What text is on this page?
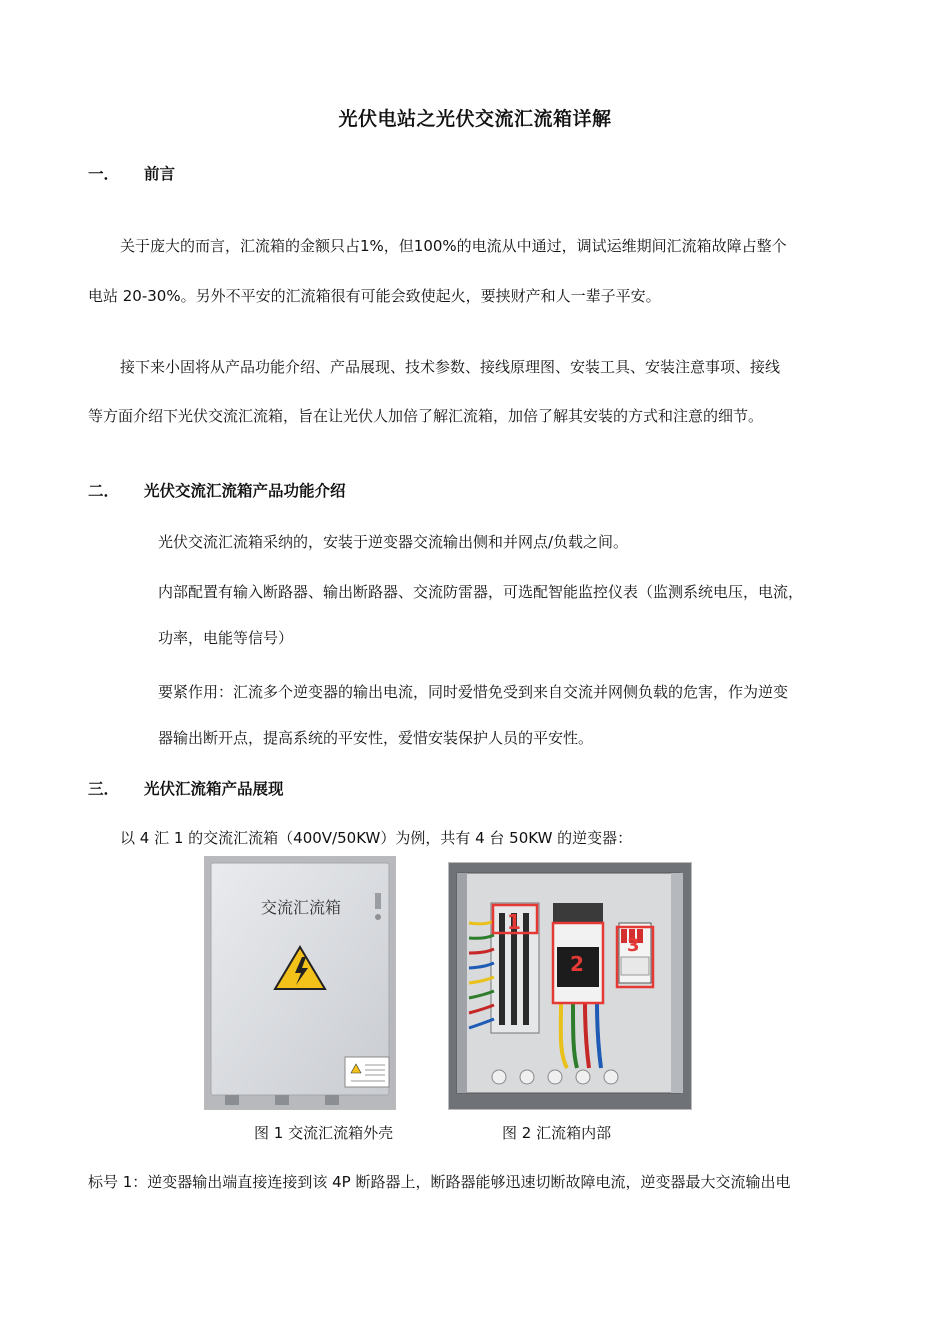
光伏电站之光伏交流汇流箱详解
一． 前言
关于庞大的而言，汇流箱的金额只占1%，但100%的电流从中通过，调试运维期间汇流箱故障占整个
电站 20-30%。另外不平安的汇流箱很有可能会致使起火，要挟财产和人一辈子平安。
接下来小固将从产品功能介绍、产品展现、技术参数、接线原理图、安装工具、安装注意事项、接线
等方面介绍下光伏交流汇流箱，旨在让光伏人加倍了解汇流箱，加倍了解其安装的方式和注意的细节。
二． 光伏交流汇流箱产品功能介绍
光伏交流汇流箱采纳的，安装于逆变器交流输出侧和并网点/负载之间。
内部配置有输入断路器、输出断路器、交流防雷器，可选配智能监控仪表（监测系统电压，电流，
功率，电能等信号）
要紧作用：汇流多个逆变器的输出电流，同时爱惜免受到来自交流并网侧负载的危害，作为逆变
器输出断开点，提高系统的平安性，爱惜安装保护人员的平安性。
三． 光伏汇流箱产品展现
以 4 汇 1 的交流汇流箱（400V/50KW）为例，共有 4 台 50KW 的逆变器：
交流汇流箱
1
2
3
图 1 交流汇流箱外壳	图 2 汇流箱内部
标号 1：逆变器输出端直接连接到该 4P 断路器上，断路器能够迅速切断故障电流，逆变器最大交流输出电
